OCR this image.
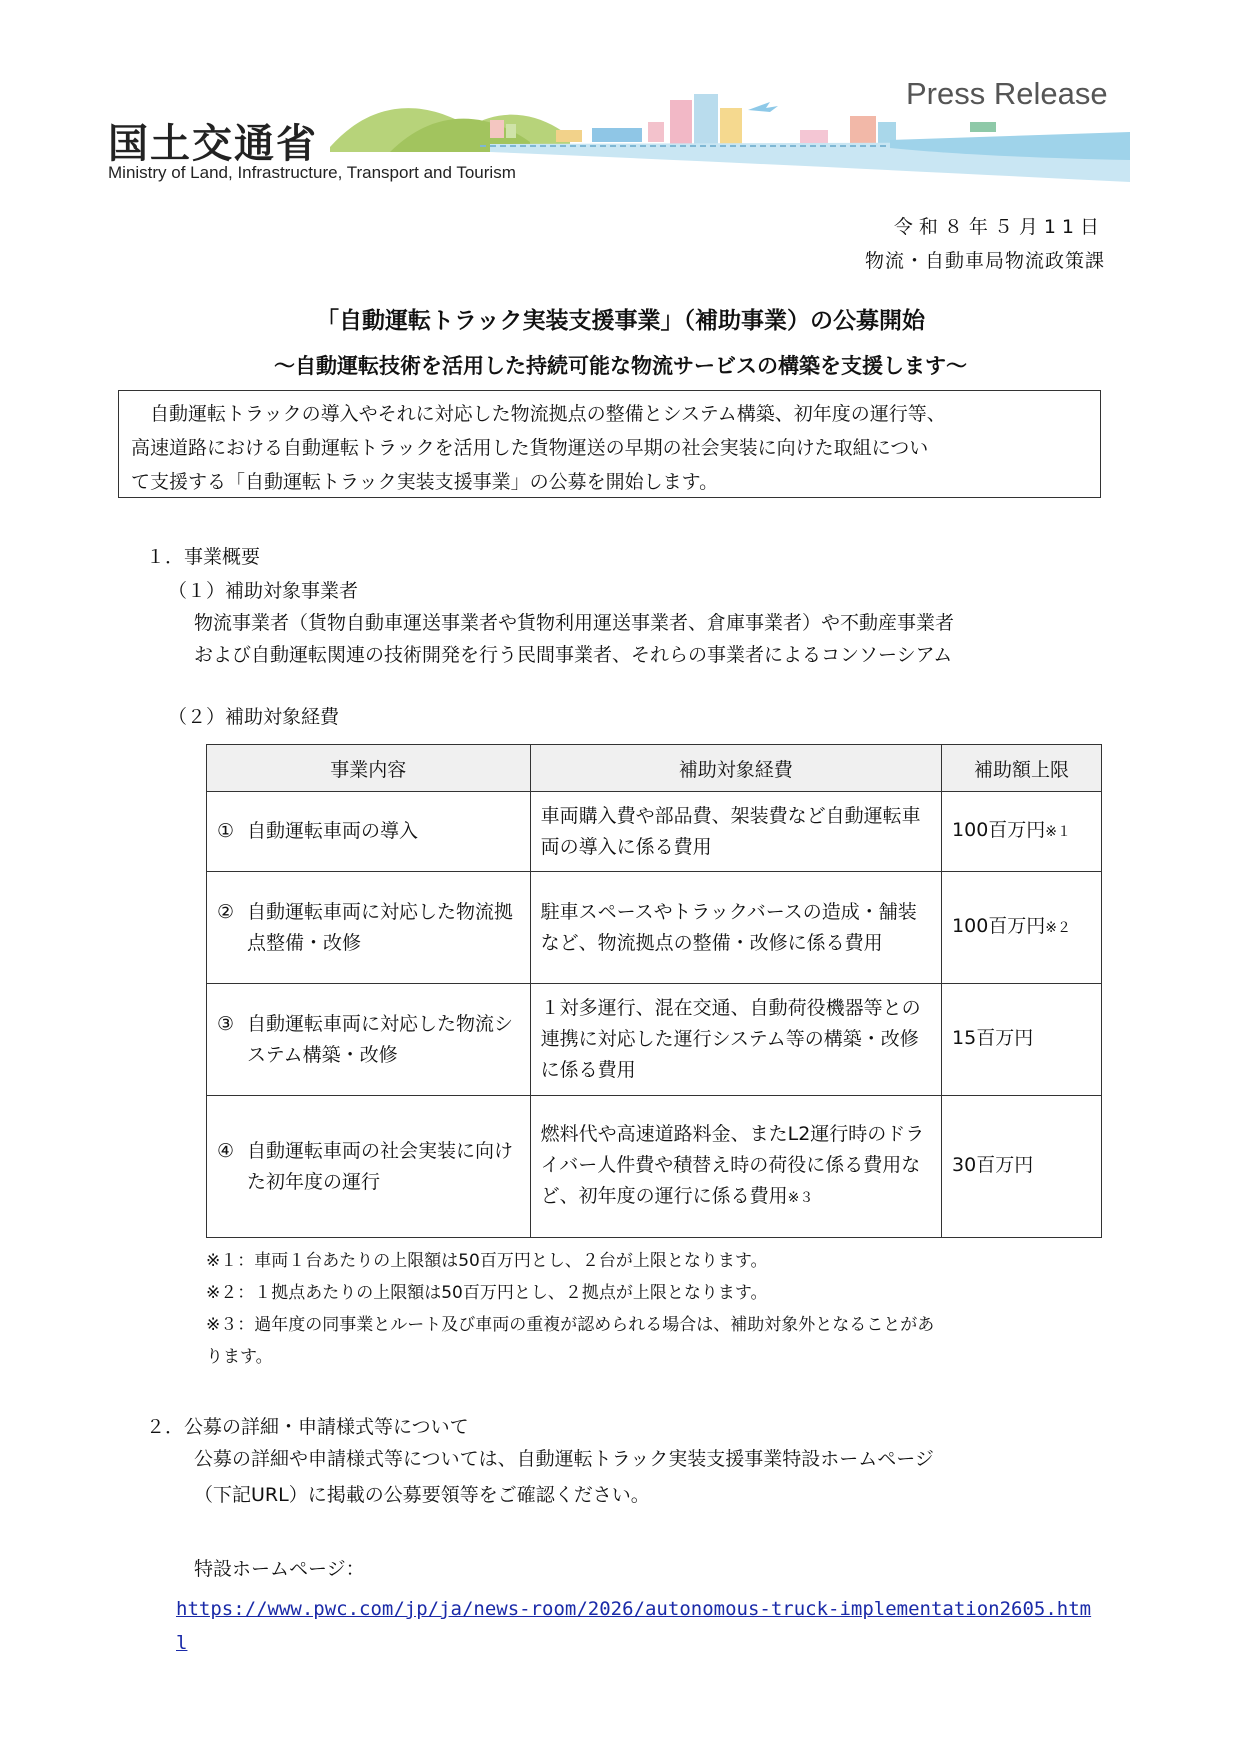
国土交通省
Ministry of Land, Infrastructure, Transport and Tourism
Press Release
令和８年５月11日
物流・自動車局物流政策課
「自動運転トラック実装支援事業」（補助事業）の公募開始
～自動運転技術を活用した持続可能な物流サービスの構築を支援します～

　自動運転トラックの導入やそれに対応した物流拠点の整備とシステム構築、初年度の運行等、

高速道路における自動運転トラックを活用した貨物運送の早期の社会実装に向けた取組につい

て支援する「自動運転トラック実装支援事業」の公募を開始します。

１．事業概要
（１）補助対象事業者
物流事業者（貨物自動車運送事業者や貨物利用運送事業者、倉庫事業者）や不動産事業者
および自動運転関連の技術開発を行う民間事業者、それらの事業者によるコンソーシアム
（２）補助対象経費
事業内容	補助対象経費	補助額上限
① 自動運転車両の導入	車両購入費や部品費、架装費など自動運転車両の導入に係る費用	100百万円※１

② 自動運転車両に対応した物流拠点整備・改修	駐車スペースやトラックバースの造成・舗装など、物流拠点の整備・改修に係る費用	100百万円※２

③ 自動運転車両に対応した物流システム構築・改修	１対多運行、混在交通、自動荷役機器等との連携に対応した運行システム等の構築・改修に係る費用	15百万円

④ 自動運転車両の社会実装に向けた初年度の運行	燃料代や高速道路料金、またL2運行時のドライバー人件費や積替え時の荷役に係る費用など、初年度の運行に係る費用※３	30百万円
※１：車両１台あたりの上限額は50百万円とし、２台が上限となります。
※２：１拠点あたりの上限額は50百万円とし、２拠点が上限となります。
※３：過年度の同事業とルート及び車両の重複が認められる場合は、補助対象外となることがあ
ります。
２．公募の詳細・申請様式等について
公募の詳細や申請様式等については、自動運転トラック実装支援事業特設ホームページ
（下記URL）に掲載の公募要領等をご確認ください。
特設ホームページ：
https://www.pwc.com/jp/ja/news-room/2026/autonomous-truck-implementation2605.html
